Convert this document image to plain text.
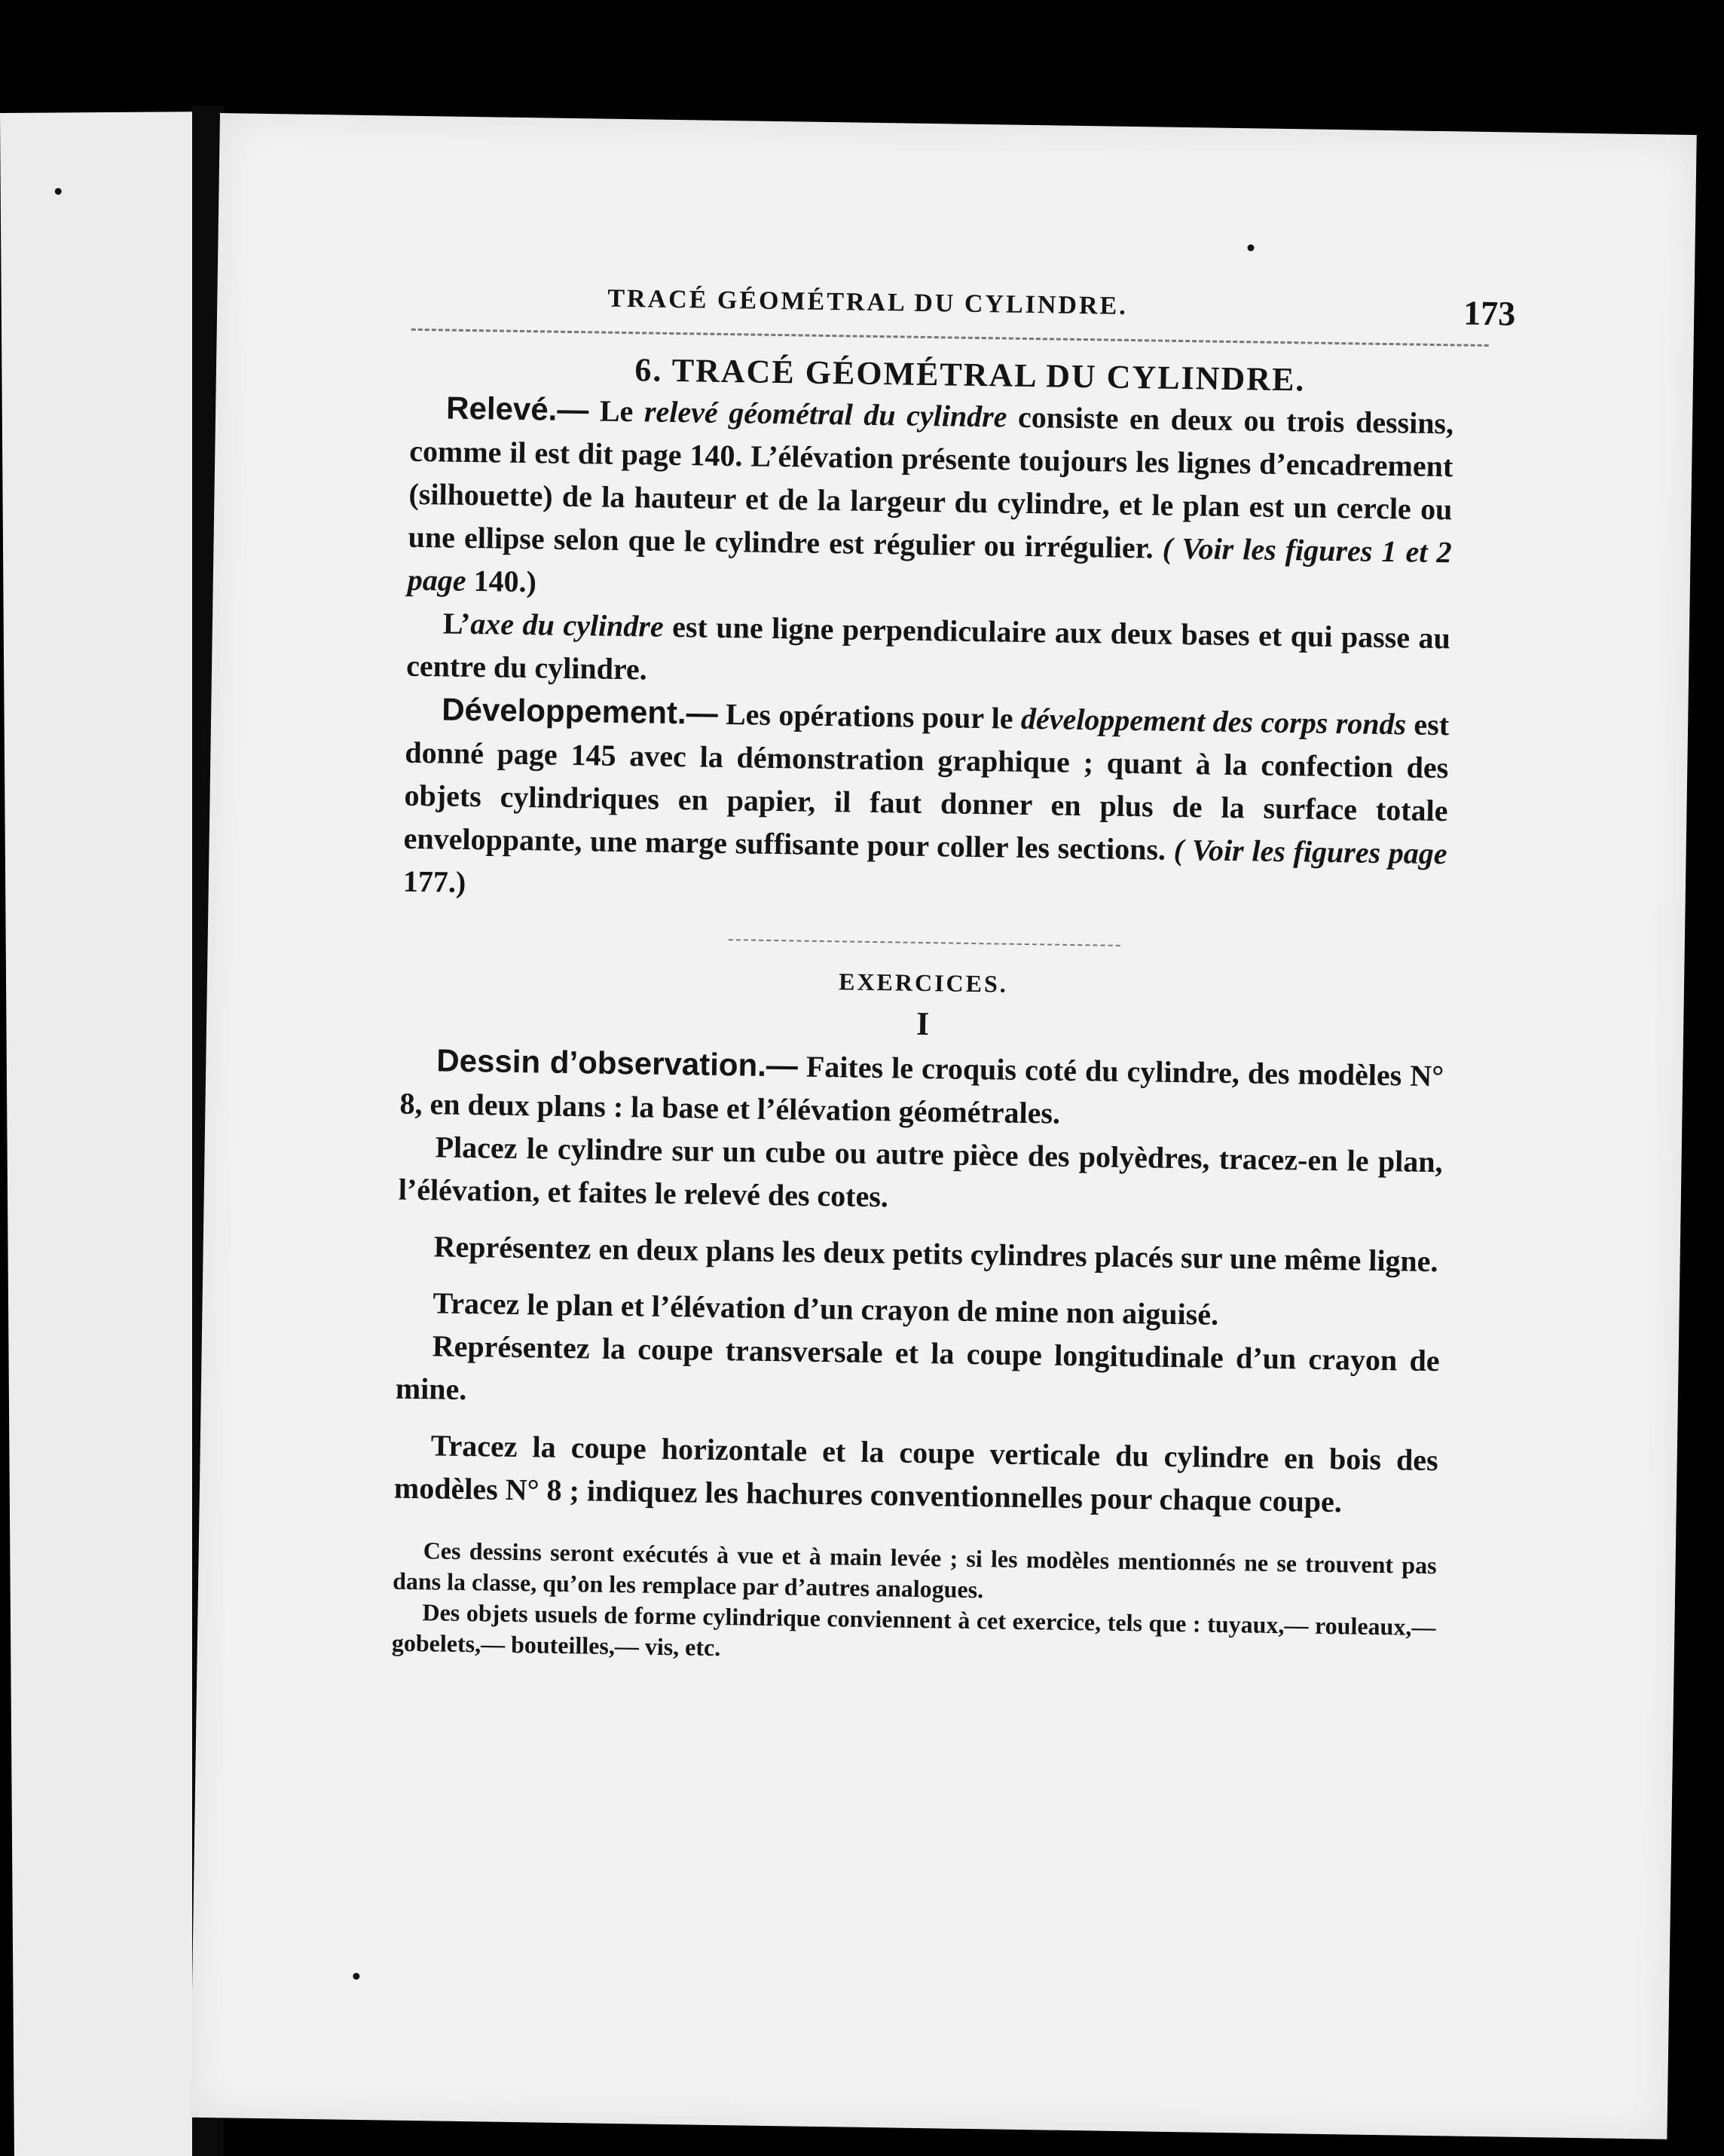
TRACÉ GÉOMÉTRAL DU CYLINDRE.	173
6. TRACÉ GÉOMÉTRAL DU CYLINDRE.

Relevé.— Le relevé géométral du cylindre consiste en deux ou trois dessins, comme il est dit page 140. L’élévation présente toujours les lignes d’encadrement (silhouette) de la hauteur et de la largeur du cylindre, et le plan est un cercle ou une ellipse selon que le cylindre est régulier ou irrégulier. ( Voir les figures 1 et 2 page 140.)

L’axe du cylindre est une ligne perpendiculaire aux deux bases et qui passe au centre du cylindre.

Développement.— Les opérations pour le développement des corps ronds est donné page 145 avec la démonstration graphique ; quant à la confection des objets cylindriques en papier, il faut donner en plus de la surface totale enveloppante, une marge suffisante pour coller les sections. ( Voir les figures page 177.)

EXERCICES.
I

Dessin d’observation.— Faites le croquis coté du cylindre, des modèles N° 8, en deux plans : la base et l’élévation géométrales.

Placez le cylindre sur un cube ou autre pièce des polyèdres, tracez-en le plan, l’élévation, et faites le relevé des cotes.

Représentez en deux plans les deux petits cylindres placés sur une même ligne.

Tracez le plan et l’élévation d’un crayon de mine non aiguisé.

Représentez la coupe transversale et la coupe longitudinale d’un crayon de mine.

Tracez la coupe horizontale et la coupe verticale du cylindre en bois des modèles N° 8 ; indiquez les hachures conventionnelles pour chaque coupe.

Ces dessins seront exécutés à vue et à main levée ; si les modèles mentionnés ne se trouvent pas dans la classe, qu’on les remplace par d’autres analogues.
Des objets usuels de forme cylindrique conviennent à cet exercice, tels que : tuyaux,— rouleaux,— gobelets,— bouteilles,— vis, etc.
